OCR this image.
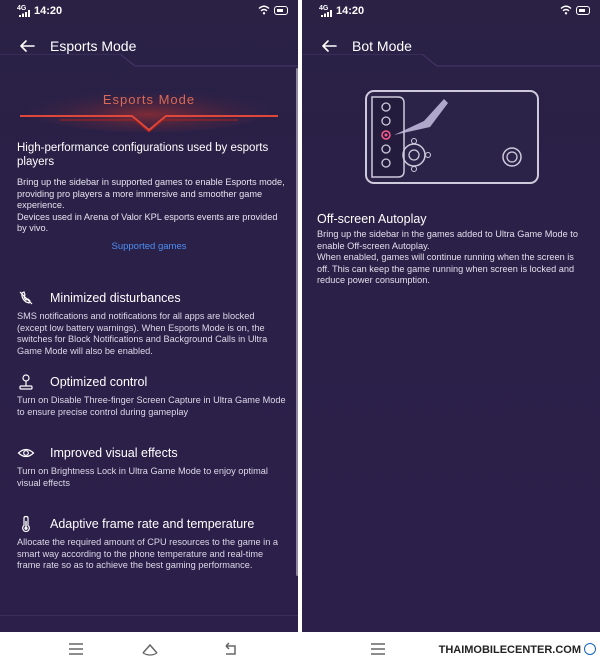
4G 14:20
Esports Mode
Esports Mode
High-performance configurations used by esports players
Bring up the sidebar in supported games to enable Esports mode, providing pro players a more immersive and smoother game experience.
Devices used in Arena of Valor KPL esports events are provided by vivo.
Supported games
Minimized disturbances
SMS notifications and notifications for all apps are blocked (except low battery warnings). When Esports Mode is on, the switches for Block Notifications and Background Calls in Ultra Game Mode will also be enabled.
Optimized control
Turn on Disable Three-finger Screen Capture in Ultra Game Mode to ensure precise control during gameplay
Improved visual effects
Turn on Brightness Lock in Ultra Game Mode to enjoy optimal visual effects
Adaptive frame rate and temperature
Allocate the required amount of CPU resources to the game in a smart way according to the phone temperature and real-time frame rate so as to achieve the best gaming performance.
4G 14:20
Bot Mode
Off-screen Autoplay
Bring up the sidebar in the games added to Ultra Game Mode to enable Off-screen Autoplay.
When enabled, games will continue running when the screen is off. This can keep the game running when screen is locked and reduce power consumption.
THAIMOBILECENTER.COM
